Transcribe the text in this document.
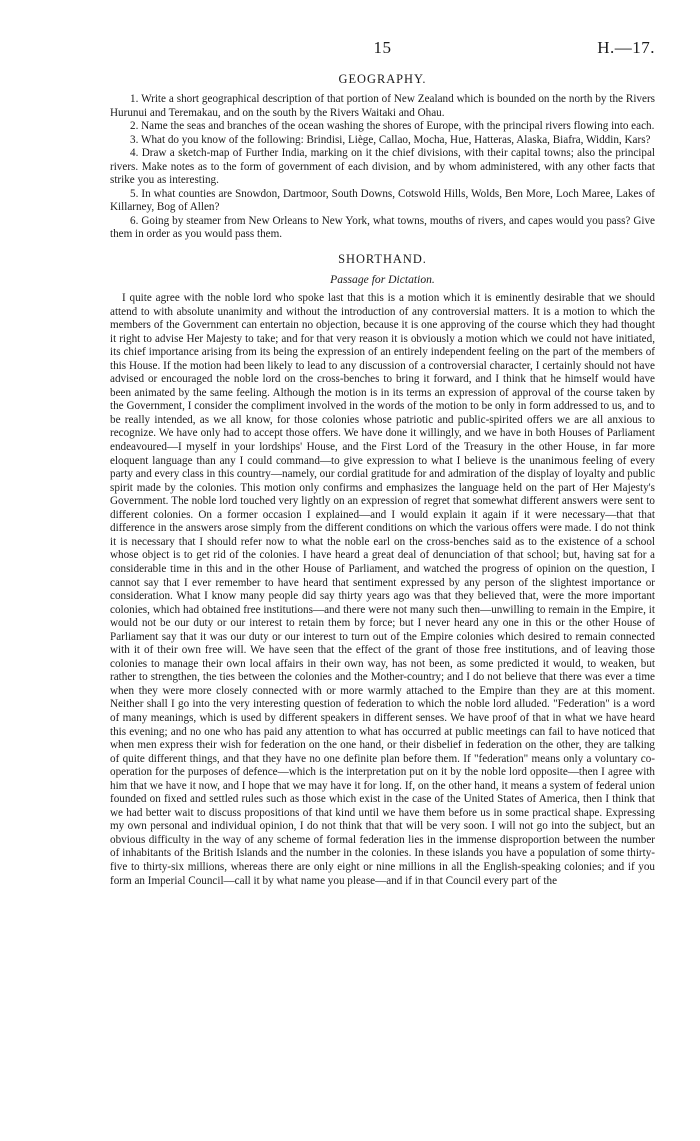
15	H.—17.
GEOGRAPHY.

1. Write a short geographical description of that portion of New Zealand which is bounded on the north by the Rivers Hurunui and Teremakau, and on the south by the Rivers Waitaki and Ohau.

2. Name the seas and branches of the ocean washing the shores of Europe, with the principal rivers flowing into each.

3. What do you know of the following: Brindisi, Liège, Callao, Mocha, Hue, Hatteras, Alaska, Biafra, Widdin, Kars?

4. Draw a sketch-map of Further India, marking on it the chief divisions, with their capital towns; also the principal rivers. Make notes as to the form of government of each division, and by whom administered, with any other facts that strike you as interesting.

5. In what counties are Snowdon, Dartmoor, South Downs, Cotswold Hills, Wolds, Ben More, Loch Maree, Lakes of Killarney, Bog of Allen?

6. Going by steamer from New Orleans to New York, what towns, mouths of rivers, and capes would you pass? Give them in order as you would pass them.

SHORTHAND.
Passage for Dictation.

I quite agree with the noble lord who spoke last that this is a motion which it is eminently desirable that we should attend to with absolute unanimity and without the introduction of any controversial matters. It is a motion to which the members of the Government can entertain no objection, because it is one approving of the course which they had thought it right to advise Her Majesty to take; and for that very reason it is obviously a motion which we could not have initiated, its chief importance arising from its being the expression of an entirely independent feeling on the part of the members of this House. If the motion had been likely to lead to any discussion of a controversial character, I certainly should not have advised or encouraged the noble lord on the cross-benches to bring it forward, and I think that he himself would have been animated by the same feeling. Although the motion is in its terms an expression of approval of the course taken by the Government, I consider the compliment involved in the words of the motion to be only in form addressed to us, and to be really intended, as we all know, for those colonies whose patriotic and public-spirited offers we are all anxious to recognize. We have only had to accept those offers. We have done it willingly, and we have in both Houses of Parliament endeavoured—I myself in your lordships' House, and the First Lord of the Treasury in the other House, in far more eloquent language than any I could command—to give expression to what I believe is the unanimous feeling of every party and every class in this country—namely, our cordial gratitude for and admiration of the display of loyalty and public spirit made by the colonies. This motion only confirms and emphasizes the language held on the part of Her Majesty's Government. The noble lord touched very lightly on an expression of regret that somewhat different answers were sent to different colonies. On a former occasion I explained—and I would explain it again if it were necessary—that that difference in the answers arose simply from the different conditions on which the various offers were made. I do not think it is necessary that I should refer now to what the noble earl on the cross-benches said as to the existence of a school whose object is to get rid of the colonies. I have heard a great deal of denunciation of that school; but, having sat for a considerable time in this and in the other House of Parliament, and watched the progress of opinion on the question, I cannot say that I ever remember to have heard that sentiment expressed by any person of the slightest importance or consideration. What I know many people did say thirty years ago was that they believed that, were the more important colonies, which had obtained free institutions—and there were not many such then—unwilling to remain in the Empire, it would not be our duty or our interest to retain them by force; but I never heard any one in this or the other House of Parliament say that it was our duty or our interest to turn out of the Empire colonies which desired to remain connected with it of their own free will. We have seen that the effect of the grant of those free institutions, and of leaving those colonies to manage their own local affairs in their own way, has not been, as some predicted it would, to weaken, but rather to strengthen, the ties between the colonies and the Mother-country; and I do not believe that there was ever a time when they were more closely connected with or more warmly attached to the Empire than they are at this moment. Neither shall I go into the very interesting question of federation to which the noble lord alluded. "Federation" is a word of many meanings, which is used by different speakers in different senses. We have proof of that in what we have heard this evening; and no one who has paid any attention to what has occurred at public meetings can fail to have noticed that when men express their wish for federation on the one hand, or their disbelief in federation on the other, they are talking of quite different things, and that they have no one definite plan before them. If "federation" means only a voluntary co-operation for the purposes of defence—which is the interpretation put on it by the noble lord opposite—then I agree with him that we have it now, and I hope that we may have it for long. If, on the other hand, it means a system of federal union founded on fixed and settled rules such as those which exist in the case of the United States of America, then I think that we had better wait to discuss propositions of that kind until we have them before us in some practical shape. Expressing my own personal and individual opinion, I do not think that that will be very soon. I will not go into the subject, but an obvious difficulty in the way of any scheme of formal federation lies in the immense disproportion between the number of inhabitants of the British Islands and the number in the colonies. In these islands you have a population of some thirty-five to thirty-six millions, whereas there are only eight or nine millions in all the English-speaking colonies; and if you form an Imperial Council—call it by what name you please—and if in that Council every part of the
